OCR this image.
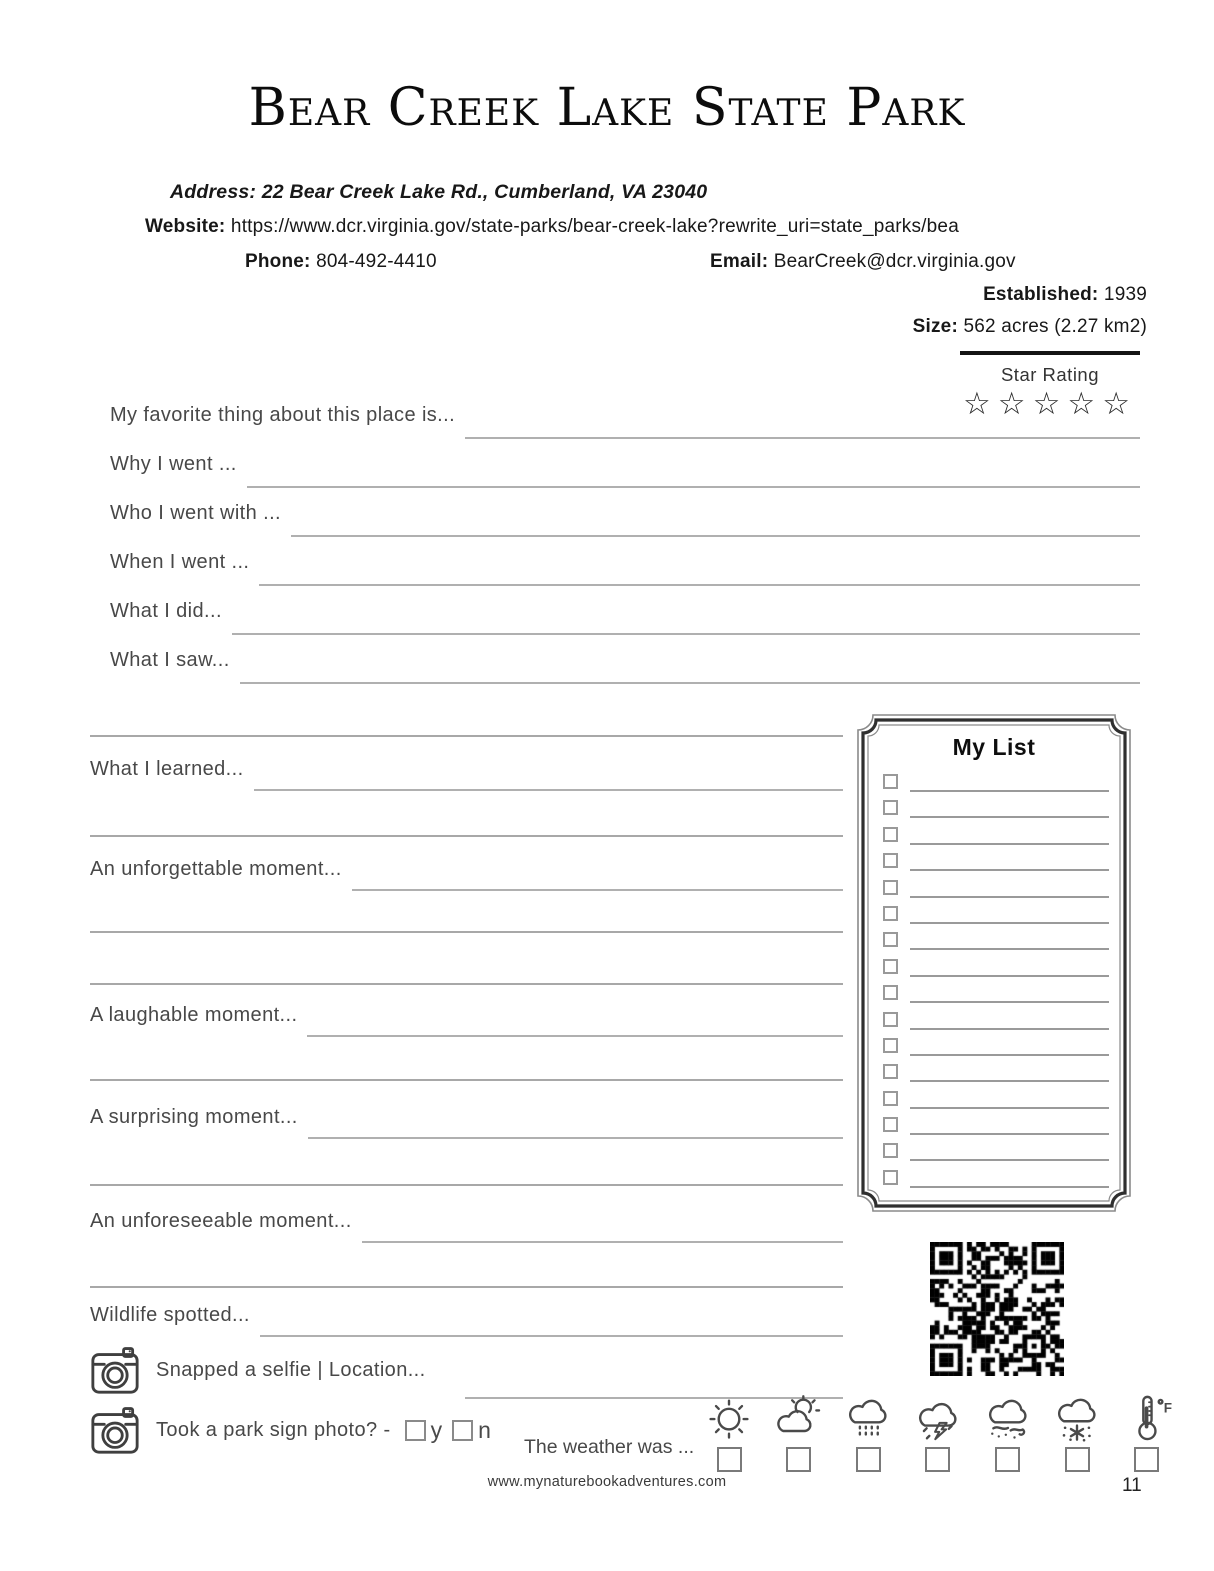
Bear Creek Lake State Park
Address: 22 Bear Creek Lake Rd., Cumberland, VA 23040
Website: https://www.dcr.virginia.gov/state-parks/bear-creek-lake?rewrite_uri=state_parks/bea
Phone: 804-492-4410	Email: BearCreek@dcr.virginia.gov
Established: 1939
Size: 562 acres (2.27 km2)
Star Rating
☆☆☆☆☆
My favorite thing about this place is...
Why I went ...
Who I went with ...
When I went ...
What I did...
What I saw...
What I learned...
An unforgettable moment...
A laughable moment...
A surprising moment...
An unforeseeable moment...
Wildlife spotted...
Snapped a selfie | Location...
Took a park sign photo? - y n
My List
The weather was ...
F
www.mynaturebookadventures.com	11
